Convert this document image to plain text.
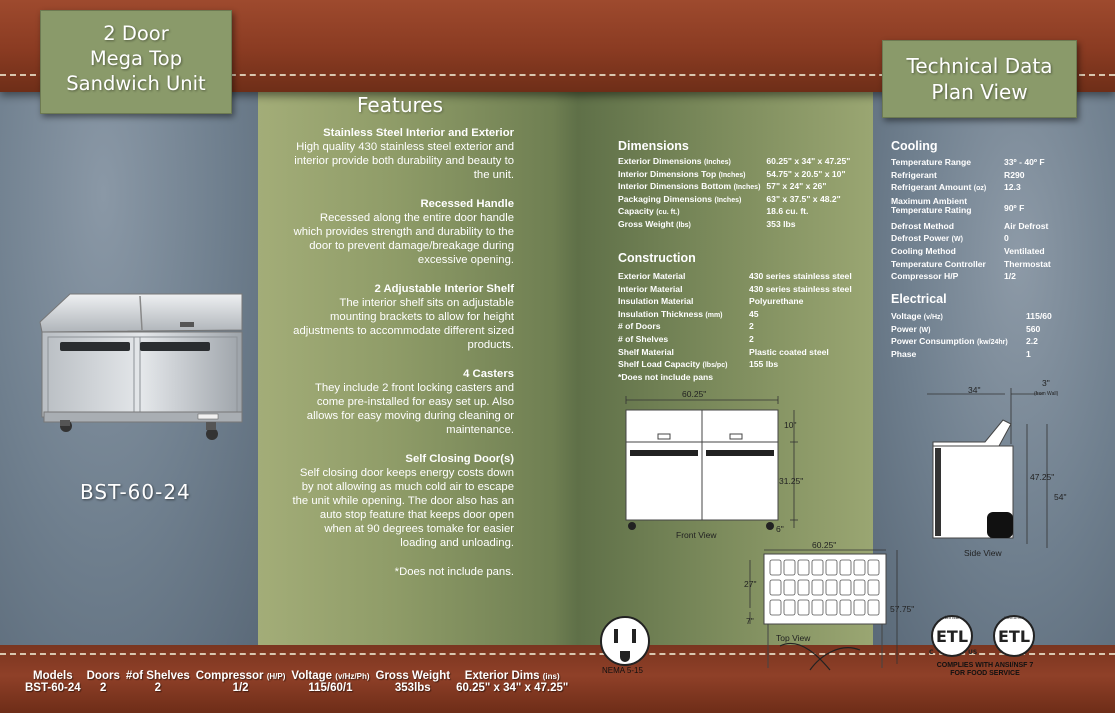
2 Door
Mega Top
Sandwich Unit
Technical Data
Plan View
BST-60-24
Features
Stainless Steel Interior and Exterior
High quality 430 stainless steel exterior and interior provide both durability and beauty to the unit.
Recessed Handle
Recessed along the entire door handle which provides strength and durability to the door to prevent damage/breakage during excessive opening.
2 Adjustable Interior Shelf
The interior shelf sits on adjustable mounting brackets to allow for height adjustments to accommodate different sized products.
4 Casters
They include 2 front locking casters and come pre-installed for easy set up. Also allows for easy moving during cleaning or maintenance.
Self Closing Door(s)
Self closing door keeps energy costs down by not allowing as much cold air to escape the unit while opening. The door also has an auto stop feature that keeps door open when at 90 degrees tomake for easier loading and unloading.
*Does not include pans.
Dimensions
Exterior Dimensions (Inches)	60.25" x 34" x 47.25"
Interior Dimensions Top (Inches)	54.75" x 20.5" x 10"
Interior Dimensions Bottom (Inches)	57" x 24" x 26"
Packaging Dimensions (Inches)	63" x 37.5" x 48.2"
Capacity (cu. ft.)	18.6 cu. ft.
Gross Weight (lbs)	353 lbs
Construction
Exterior Material	430 series stainless steel
Interior Material	430 series stainless steel
Insulation Material	Polyurethane
Insulation Thickness (mm)	45
# of Doors	2
# of Shelves	2
Shelf Material	Plastic coated steel
Shelf Load Capacity (lbs/pc)	155 lbs
*Does not include pans	
Cooling
Temperature Range	33º - 40º F
Refrigerant	R290
Refrigerant Amount (oz)	12.3
Maximum Ambient Temperature Rating	90º F
Defrost Method	Air Defrost
Defrost Power (W)	0
Cooling Method	Ventilated
Temperature Controller	Thermostat
Compressor H/P	1/2
Electrical
Voltage (v/Hz)	115/60
Power (W)	560
Power Consumption (kw/24hr)	2.2
Phase	1
60.25"
10"
31.25"
6"
Front View
60.25"
27"
7"
57.75"
Top View
34"
3"
(from Wall)
47.25"
54"
Side View
NEMA 5-15
ETL
LISTED
C	US
ETL
SANITATION
COMPLIES WITH ANSI/NSF 7
FOR FOOD SERVICE
Models	Doors	#of Shelves	Compressor (H/P)	Voltage (v/Hz/Ph)	Gross Weight	Exterior Dims (ins)
BST-60-24	2	2	1/2	115/60/1	353lbs	60.25" x 34" x 47.25"
